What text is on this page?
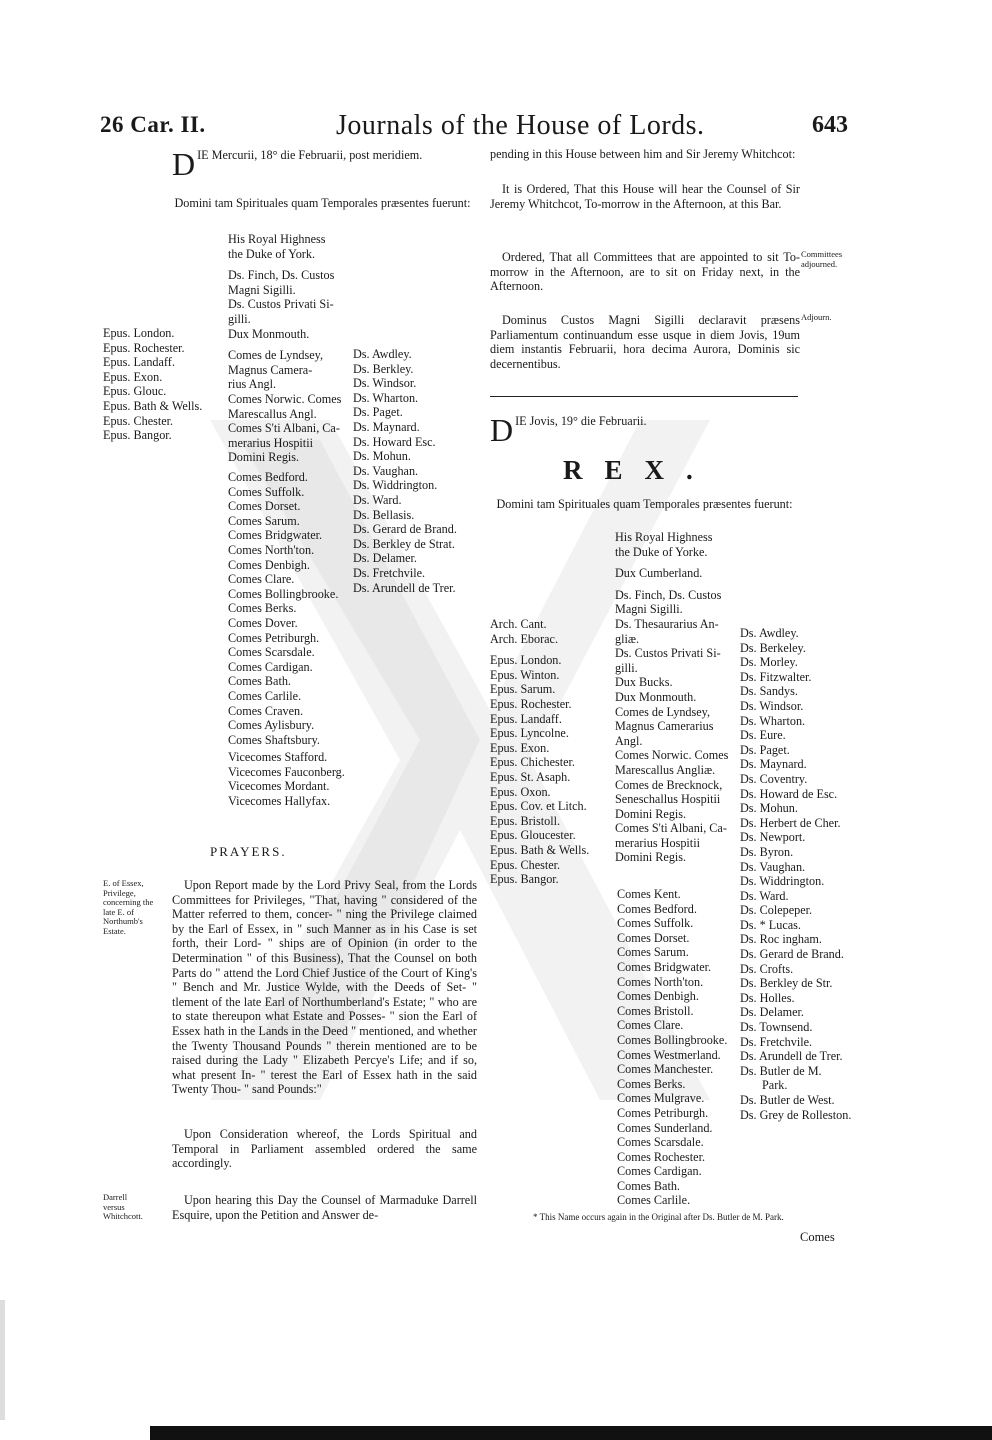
26 Car. II.	Journals of the House of Lords.	643
D IE Mercurii, 18° die Februarii, post meridiem.
Domini tam Spirituales quam Temporales præsentes fuerunt:
Epus. London.
Epus. Rochester.
Epus. Landaff.
Epus. Exon.
Epus. Glouc.
Epus. Bath & Wells.
Epus. Chester.
Epus. Bangor.
His Royal Highness
the Duke of York.
Ds. Finch, Ds. Custos
Magni Sigilli.
Ds. Custos Privati Si-
gilli.
Dux Monmouth.
Comes de Lyndsey,
Magnus Camera-
rius Angl.
Comes Norwic. Comes
Marescallus Angl.
Comes S'ti Albani, Ca-
merarius Hospitii
Domini Regis.
Comes Bedford.
Comes Suffolk.
Comes Dorset.
Comes Sarum.
Comes Bridgwater.
Comes North'ton.
Comes Denbigh.
Comes Clare.
Comes Bollingbrooke.
Comes Berks.
Comes Dover.
Comes Petriburgh.
Comes Scarsdale.
Comes Cardigan.
Comes Bath.
Comes Carlile.
Comes Craven.
Comes Aylisbury.
Comes Shaftsbury.
Vicecomes Stafford.
Vicecomes Fauconberg.
Vicecomes Mordant.
Vicecomes Hallyfax.
Ds. Awdley.
Ds. Berkley.
Ds. Windsor.
Ds. Wharton.
Ds. Paget.
Ds. Maynard.
Ds. Howard Esc.
Ds. Mohun.
Ds. Vaughan.
Ds. Widdrington.
Ds. Ward.
Ds. Bellasis.
Ds. Gerard de Brand.
Ds. Berkley de Strat.
Ds. Delamer.
Ds. Fretchvile.
Ds. Arundell de Trer.
PRAYERS.
E. of Essex,
Privilege,
concerning the
late E. of
Northumb's
Estate.
Upon Report made by the Lord Privy Seal, from the Lords Committees for Privileges, "That, having " considered of the Matter referred to them, concer- " ning the Privilege claimed by the Earl of Essex, in " such Manner as in his Case is set forth, their Lord- " ships are of Opinion (in order to the Determination " of this Business), That the Counsel on both Parts do " attend the Lord Chief Justice of the Court of King's " Bench and Mr. Justice Wylde, with the Deeds of Set- " tlement of the late Earl of Northumberland's Estate; " who are to state thereupon what Estate and Posses- " sion the Earl of Essex hath in the Lands in the Deed " mentioned, and whether the Twenty Thousand Pounds " therein mentioned are to be raised during the Lady " Elizabeth Percye's Life; and if so, what present In- " terest the Earl of Essex hath in the said Twenty Thou- " sand Pounds:"
Upon Consideration whereof, the Lords Spiritual and Temporal in Parliament assembled ordered the same accordingly.
Darrell
versus
Whitchcott.
Upon hearing this Day the Counsel of Marmaduke Darrell Esquire, upon the Petition and Answer de-
pending in this House between him and Sir Jeremy Whitchcot:
It is Ordered, That this House will hear the Counsel of Sir Jeremy Whitchcot, To-morrow in the Afternoon, at this Bar.
Ordered, That all Committees that are appointed to sit To-morrow in the Afternoon, are to sit on Friday next, in the Afternoon.
Committees
adjourned.
Dominus Custos Magni Sigilli declaravit præsens Parliamentum continuandum esse usque in diem Jovis, 19um diem instantis Februarii, hora decima Aurora, Dominis sic decernentibus.
Adjourn.
D IE Jovis, 19° die Februarii.
REX.
Domini tam Spirituales quam Temporales præsentes fuerunt:
Arch. Cant.
Arch. Eborac.
Epus. London.
Epus. Winton.
Epus. Sarum.
Epus. Rochester.
Epus. Landaff.
Epus. Lyncolne.
Epus. Exon.
Epus. Chichester.
Epus. St. Asaph.
Epus. Oxon.
Epus. Cov. et Litch.
Epus. Bristoll.
Epus. Gloucester.
Epus. Bath & Wells.
Epus. Chester.
Epus. Bangor.
His Royal Highness
the Duke of Yorke.
Dux Cumberland.
Ds. Finch, Ds. Custos
Magni Sigilli.
Ds. Thesaurarius An-
gliæ.
Ds. Custos Privati Si-
gilli.
Dux Bucks.
Dux Monmouth.
Comes de Lyndsey,
Magnus Camerarius
Angl.
Comes Norwic. Comes
Marescallus Angliæ.
Comes de Brecknock,
Seneschallus Hospitii
Domini Regis.
Comes S'ti Albani, Ca-
merarius Hospitii
Domini Regis.
Comes Kent.
Comes Bedford.
Comes Suffolk.
Comes Dorset.
Comes Sarum.
Comes Bridgwater.
Comes North'ton.
Comes Denbigh.
Comes Bristoll.
Comes Clare.
Comes Bollingbrooke.
Comes Westmerland.
Comes Manchester.
Comes Berks.
Comes Mulgrave.
Comes Petriburgh.
Comes Sunderland.
Comes Scarsdale.
Comes Rochester.
Comes Cardigan.
Comes Bath.
Comes Carlile.
Ds. Awdley.
Ds. Berkeley.
Ds. Morley.
Ds. Fitzwalter.
Ds. Sandys.
Ds. Windsor.
Ds. Wharton.
Ds. Eure.
Ds. Paget.
Ds. Maynard.
Ds. Coventry.
Ds. Howard de Esc.
Ds. Mohun.
Ds. Herbert de Cher.
Ds. Newport.
Ds. Byron.
Ds. Vaughan.
Ds. Widdrington.
Ds. Ward.
Ds. Colepeper.
Ds. * Lucas.
Ds. Roc ingham.
Ds. Gerard de Brand.
Ds. Crofts.
Ds. Berkley de Str.
Ds. Holles.
Ds. Delamer.
Ds. Townsend.
Ds. Fretchvile.
Ds. Arundell de Trer.
Ds. Butler de M.
Park.
Ds. Butler de West.
Ds. Grey de Rolleston.
* This Name occurs again in the Original after Ds. Butler de M. Park.
Comes
